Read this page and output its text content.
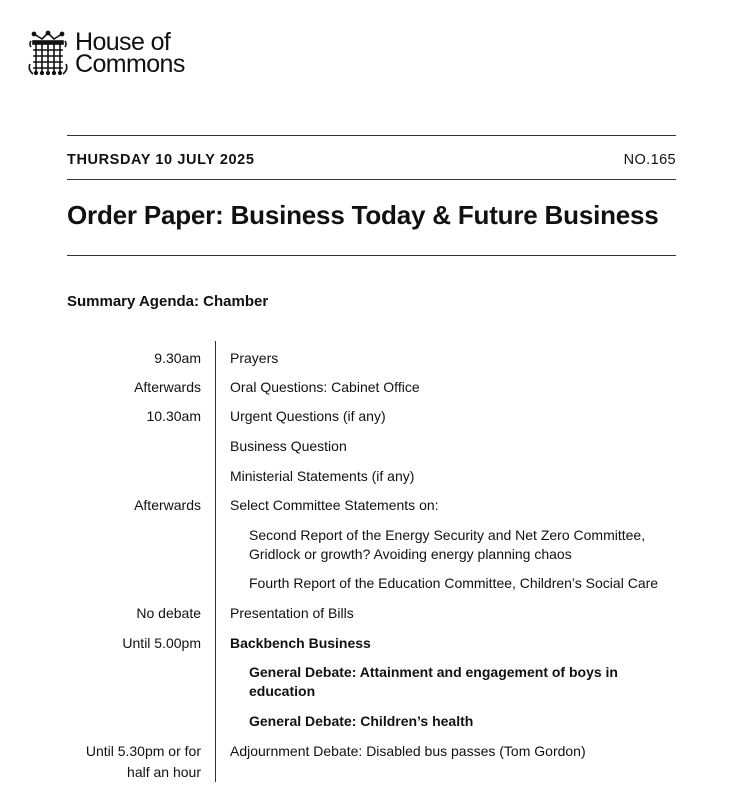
House of
Commons
THURSDAY 10 JULY 2025	NO.165
Order Paper: Business Today & Future Business
Summary Agenda: Chamber
9.30am Prayers
Afterwards Oral Questions: Cabinet Office
10.30am Urgent Questions (if any)
Business Question
Ministerial Statements (if any)
Afterwards Select Committee Statements on:
Second Report of the Energy Security and Net Zero Committee, Gridlock or growth? Avoiding energy planning chaos
Fourth Report of the Education Committee, Children’s Social Care
No debate Presentation of Bills
Until 5.00pm Backbench Business
General Debate: Attainment and engagement of boys in education
General Debate: Children’s health
Until 5.30pm or for half an hour
Adjournment Debate: Disabled bus passes (Tom Gordon)
